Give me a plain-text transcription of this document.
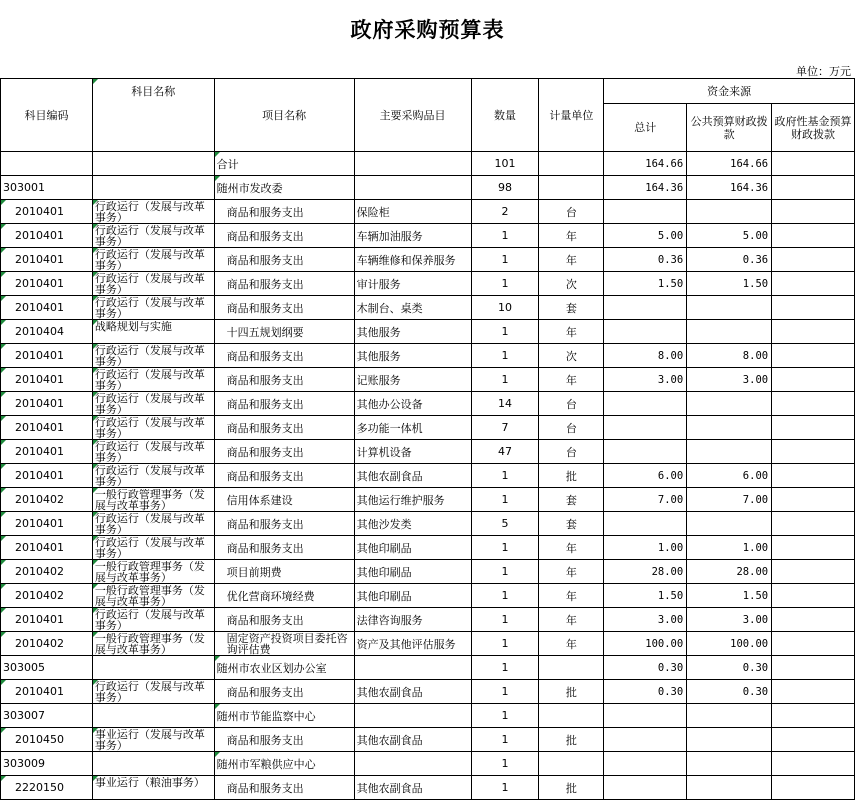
政府采购预算表
单位：万元
科目编码	科目名称	项目名称	主要采购品目	数量	计量单位	资金来源		
						总计	公共预算财政拨款	政府性基金预算财政拨款
		合计		101		164.66	164.66	
303001		随州市发改委		98		164.36	164.36	
2010401	行政运行（发展与改革事务）	商品和服务支出	保险柜	2	台			
2010401	行政运行（发展与改革事务）	商品和服务支出	车辆加油服务	1	年	5.00	5.00	
2010401	行政运行（发展与改革事务）	商品和服务支出	车辆维修和保养服务	1	年	0.36	0.36	
2010401	行政运行（发展与改革事务）	商品和服务支出	审计服务	1	次	1.50	1.50	
2010401	行政运行（发展与改革事务）	商品和服务支出	木制台、桌类	10	套			
2010404	战略规划与实施	十四五规划纲要	其他服务	1	年			
2010401	行政运行（发展与改革事务）	商品和服务支出	其他服务	1	次	8.00	8.00	
2010401	行政运行（发展与改革事务）	商品和服务支出	记账服务	1	年	3.00	3.00	
2010401	行政运行（发展与改革事务）	商品和服务支出	其他办公设备	14	台			
2010401	行政运行（发展与改革事务）	商品和服务支出	多功能一体机	7	台			
2010401	行政运行（发展与改革事务）	商品和服务支出	计算机设备	47	台			
2010401	行政运行（发展与改革事务）	商品和服务支出	其他农副食品	1	批	6.00	6.00	
2010402	一般行政管理事务（发展与改革事务）	信用体系建设	其他运行维护服务	1	套	7.00	7.00	
2010401	行政运行（发展与改革事务）	商品和服务支出	其他沙发类	5	套			
2010401	行政运行（发展与改革事务）	商品和服务支出	其他印刷品	1	年	1.00	1.00	
2010402	一般行政管理事务（发展与改革事务）	项目前期费	其他印刷品	1	年	28.00	28.00	
2010402	一般行政管理事务（发展与改革事务）	优化营商环境经费	其他印刷品	1	年	1.50	1.50	
2010401	行政运行（发展与改革事务）	商品和服务支出	法律咨询服务	1	年	3.00	3.00	
2010402	一般行政管理事务（发展与改革事务）	固定资产投资项目委托咨询评估费	资产及其他评估服务	1	年	100.00	100.00	
303005		随州市农业区划办公室		1		0.30	0.30	
2010401	行政运行（发展与改革事务）	商品和服务支出	其他农副食品	1	批	0.30	0.30	
303007		随州市节能监察中心		1				
2010450	事业运行（发展与改革事务）	商品和服务支出	其他农副食品	1	批			
303009		随州市军粮供应中心		1				
2220150	事业运行（粮油事务）	商品和服务支出	其他农副食品	1	批			
